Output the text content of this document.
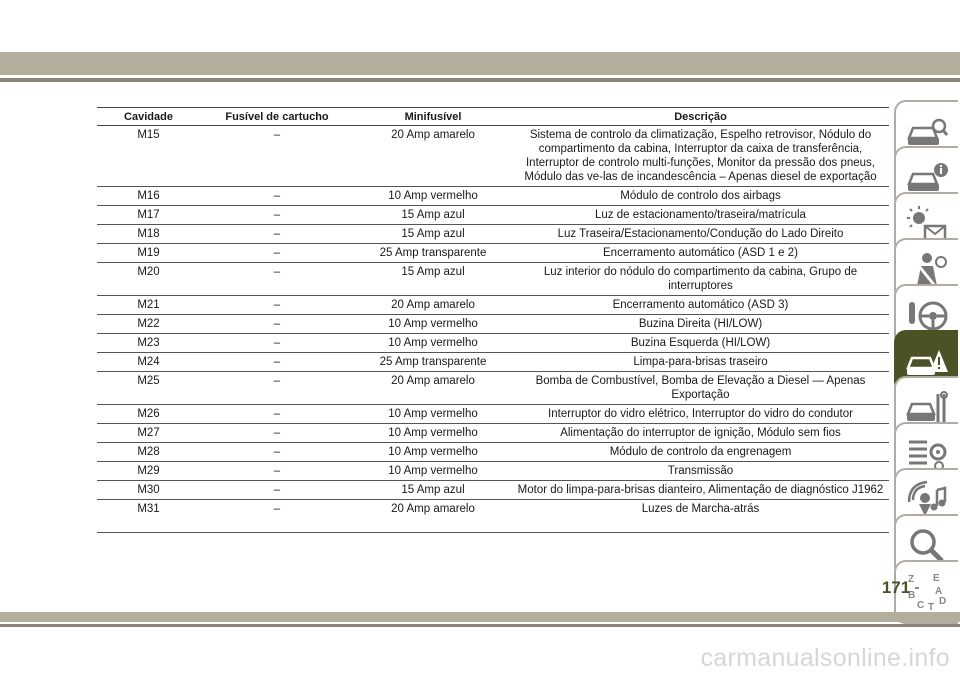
Cavidade	Fusível de cartucho	Minifusível	Descrição
M15	–	20 Amp amarelo	Sistema de controlo da climatização, Espelho retrovisor, Nódulo do compartimento da cabina, Interruptor da caixa de transferência, Interruptor de controlo multi-funções, Monitor da pressão dos pneus, Módulo das ve-las de incandescência – Apenas diesel de exportação
M16	–	10 Amp vermelho	Módulo de controlo dos airbags
M17	–	15 Amp azul	Luz de estacionamento/traseira/matrícula
M18	–	15 Amp azul	Luz Traseira/Estacionamento/Condução do Lado Direito
M19	–	25 Amp transparente	Encerramento automático (ASD 1 e 2)
M20	–	15 Amp azul	Luz interior do nódulo do compartimento da cabina, Grupo de interruptores
M21	–	20 Amp amarelo	Encerramento automático (ASD 3)
M22	–	10 Amp vermelho	Buzina Direita (HI/LOW)
M23	–	10 Amp vermelho	Buzina Esquerda (HI/LOW)
M24	–	25 Amp transparente	Limpa-para-brisas traseiro
M25	–	20 Amp amarelo	Bomba de Combustível, Bomba de Elevação a Diesel — Apenas Exportação
M26	–	10 Amp vermelho	Interruptor do vidro elétrico, Interruptor do vidro do condutor
M27	–	10 Amp vermelho	Alimentação do interruptor de ignição, Módulo sem fios
M28	–	10 Amp vermelho	Módulo de controlo da engrenagem
M29	–	10 Amp vermelho	Transmissão
M30	–	15 Amp azul	Motor do limpa-para-brisas dianteiro, Alimentação de diagnóstico J1962
M31	–	20 Amp amarelo	Luzes de Marcha-atrás
Z E
A
B
D
C T
171
carmanualsonline.info
